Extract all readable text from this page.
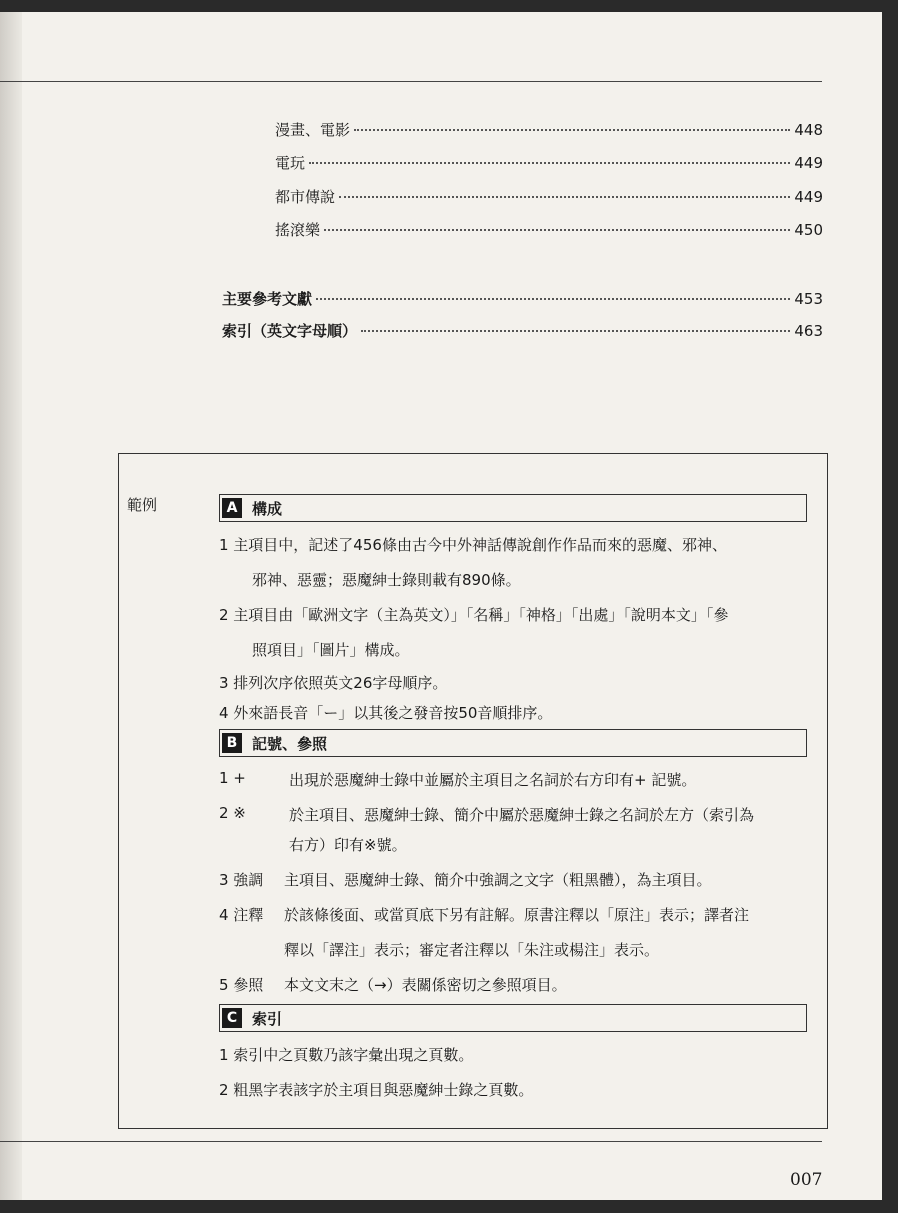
漫畫、電影	448
電玩	449
都市傳說	449
搖滾樂	450
主要參考文獻	453
索引（英文字母順）	463
範例	A 構成
1 主項目中，記述了456條由古今中外神話傳說創作作品而來的惡魔、邪神、
邪神、惡靈；惡魔紳士錄則載有890條。
2 主項目由「歐洲文字（主為英文）」「名稱」「神格」「出處」「說明本文」「參
照項目」「圖片」構成。
3 排列次序依照英文26字母順序。
4 外來語長音「ー」以其後之發音按50音順排序。
B 記號、參照
1 +	出現於惡魔紳士錄中並屬於主項目之名詞於右方印有+ 記號。
2 ※	於主項目、惡魔紳士錄、簡介中屬於惡魔紳士錄之名詞於左方（索引為
右方）印有※號。
3 強調 主項目、惡魔紳士錄、簡介中強調之文字（粗黑體），為主項目。
4 注釋 於該條後面、或當頁底下另有註解。原書注釋以「原注」表示；譯者注
釋以「譯注」表示；審定者注釋以「朱注或楊注」表示。
5 參照 本文文末之（→）表關係密切之參照項目。
C 索引
1 索引中之頁數乃該字彙出現之頁數。
2 粗黑字表該字於主項目與惡魔紳士錄之頁數。
007
